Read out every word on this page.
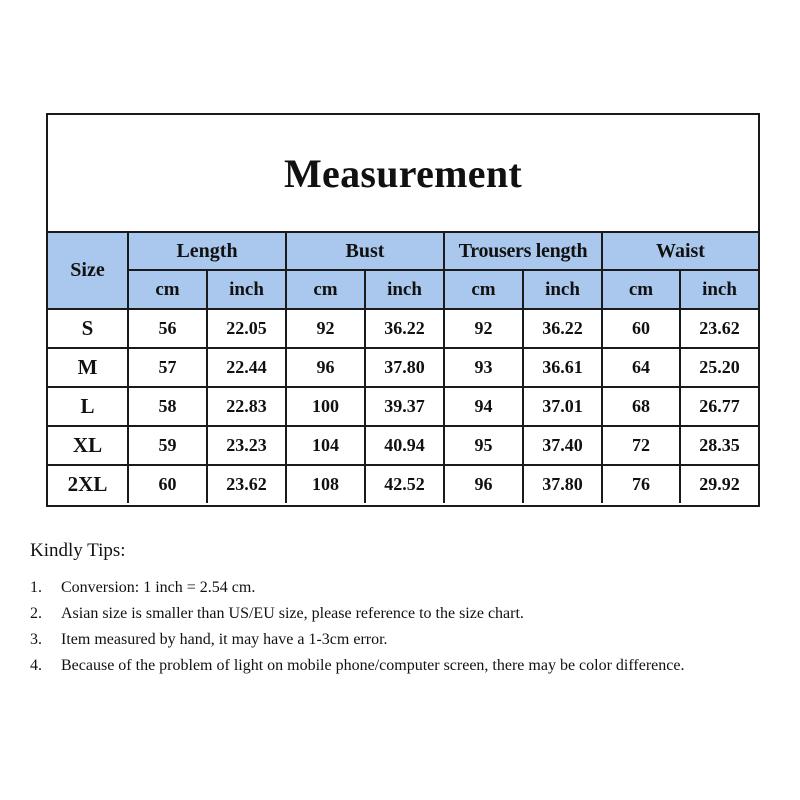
Measurement
Size	Length		Bust		Trousers length		Waist	
	cm	inch	cm	inch	cm	inch	cm	inch
S	56	22.05	92	36.22	92	36.22	60	23.62
M	57	22.44	96	37.80	93	36.61	64	25.20
L	58	22.83	100	39.37	94	37.01	68	26.77
XL	59	23.23	104	40.94	95	37.40	72	28.35
2XL	60	23.62	108	42.52	96	37.80	76	29.92
Kindly Tips:
1.	Conversion: 1 inch = 2.54 cm.
2.	Asian size is smaller than US/EU size, please reference to the size chart.
3.	Item measured by hand, it may have a 1-3cm error.
4.	Because of the problem of light on mobile phone/computer screen, there may be color difference.
